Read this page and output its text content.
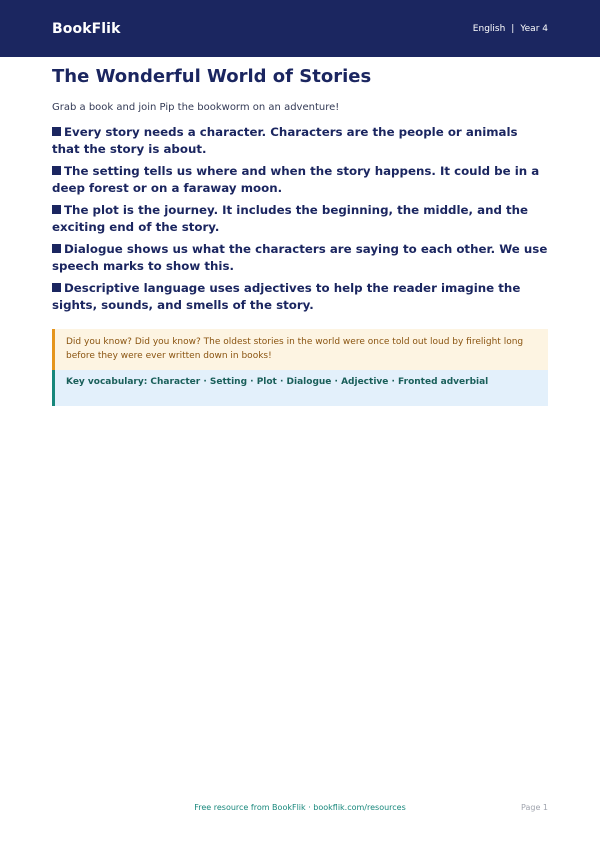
BookFlik	English | Year 4
The Wonderful World of Stories

Grab a book and join Pip the bookworm on an adventure!

Every story needs a character. Characters are the people or animals that the story is about.
The setting tells us where and when the story happens. It could be in a deep forest or on a faraway moon.
The plot is the journey. It includes the beginning, the middle, and the exciting end of the story.
Dialogue shows us what the characters are saying to each other. We use speech marks to show this.
Descriptive language uses adjectives to help the reader imagine the sights, sounds, and smells of the story.
Did you know? Did you know? The oldest stories in the world were once told out loud by firelight long before they were ever written down in books!
Key vocabulary: Character · Setting · Plot · Dialogue · Adjective · Fronted adverbial
Free resource from BookFlik · bookflik.com/resources	Page 1
